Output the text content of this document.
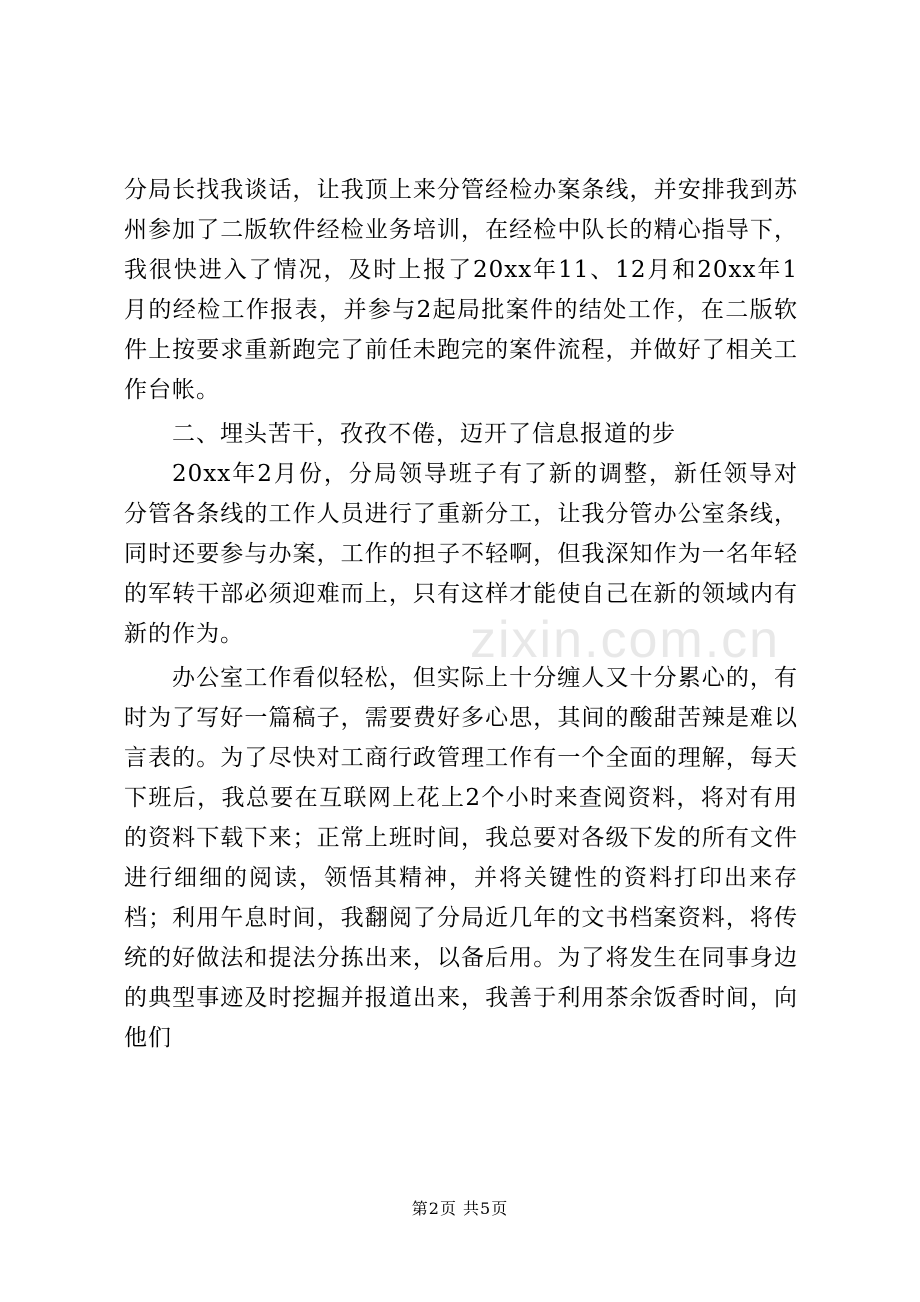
分局长找我谈话，让我顶上来分管经检办案条线，并安排我到苏州参加了二版软件经检业务培训，在经检中队长的精心指导下，我很快进入了情况，及时上报了20xx年11、12月和20xx年1月的经检工作报表，并参与2起局批案件的结处工作，在二版软件上按要求重新跑完了前任未跑完的案件流程，并做好了相关工作台帐。

二、埋头苦干，孜孜不倦，迈开了信息报道的步

20xx年2月份，分局领导班子有了新的调整，新任领导对分管各条线的工作人员进行了重新分工，让我分管办公室条线，同时还要参与办案，工作的担子不轻啊，但我深知作为一名年轻的军转干部必须迎难而上，只有这样才能使自己在新的领域内有新的作为。

办公室工作看似轻松，但实际上十分缠人又十分累心的，有时为了写好一篇稿子，需要费好多心思，其间的酸甜苦辣是难以言表的。为了尽快对工商行政管理工作有一个全面的理解，每天下班后，我总要在互联网上花上2个小时来查阅资料，将对有用的资料下载下来；正常上班时间，我总要对各级下发的所有文件进行细细的阅读，领悟其精神，并将关键性的资料打印出来存档；利用午息时间，我翻阅了分局近几年的文书档案资料，将传统的好做法和提法分拣出来，以备后用。为了将发生在同事身边的典型事迹及时挖掘并报道出来，我善于利用茶余饭香时间，向他们

zixin.com.cn
第2页 共5页
